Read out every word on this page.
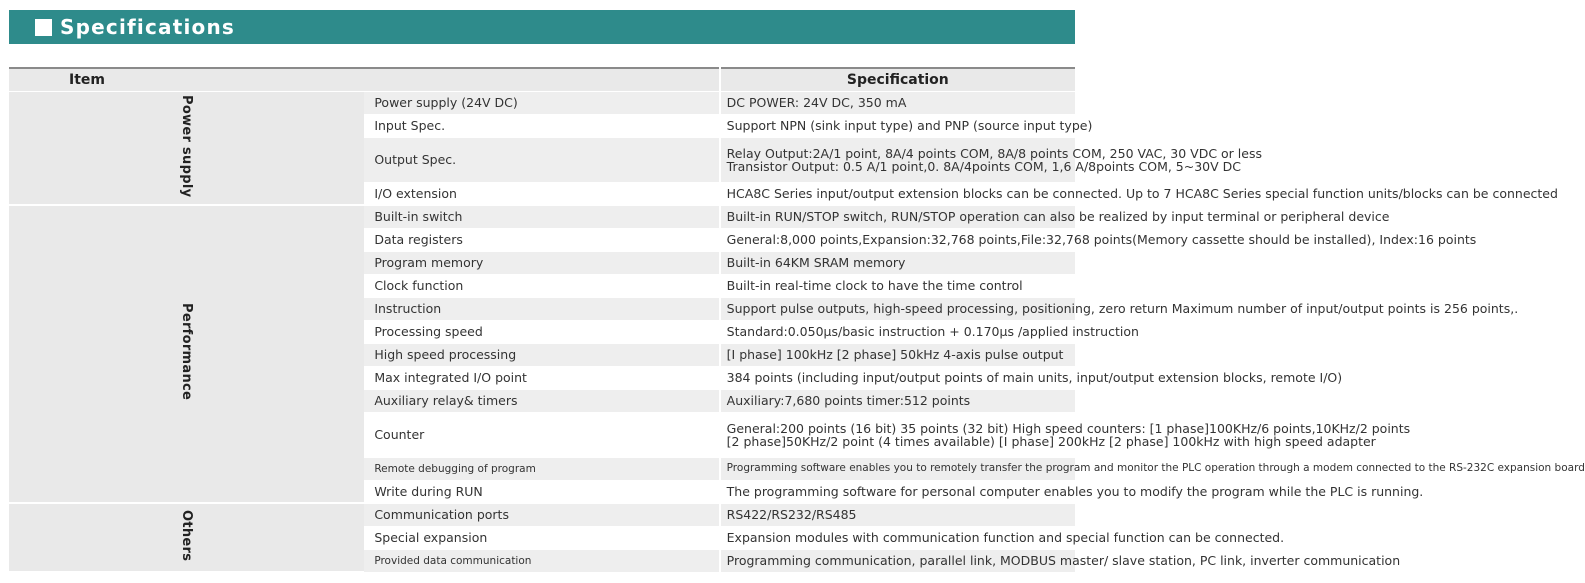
Specifications
Item		Specification
Power supply	Power supply (24V DC)	DC POWER: 24V DC, 350 mA

	Input Spec.	Support NPN (sink input type) and PNP (source input type)

	Output Spec.	Relay Output:2A/1 point, 8A/4 points COM, 8A/8 points COM, 250 VAC, 30 VDC or less
Transistor Output: 0.5 A/1 point,0. 8A/4points COM, 1,6 A/8points COM, 5~30V DC

	I/O extension	HCA8C Series input/output extension blocks can be connected. Up to 7 HCA8C Series special function units/blocks can be connected

Performance	Built-in switch	Built-in RUN/STOP switch, RUN/STOP operation can also be realized by input terminal or peripheral device

	Data registers	General:8,000 points,Expansion:32,768 points,File:32,768 points(Memory cassette should be installed), Index:16 points

	Program memory	Built-in 64KM SRAM memory

	Clock function	Built-in real-time clock to have the time control

	Instruction	Support pulse outputs, high-speed processing, positioning, zero return Maximum number of input/output points is 256 points,.

	Processing speed	Standard:0.050μs/basic instruction + 0.170μs /applied instruction

	High speed processing	[I phase] 100kHz [2 phase] 50kHz 4-axis pulse output

	Max integrated I/O point	384 points (including input/output points of main units, input/output extension blocks, remote I/O)

	Auxiliary relay& timers	Auxiliary:7,680 points timer:512 points

	Counter	General:200 points (16 bit) 35 points (32 bit) High speed counters: [1 phase]100KHz/6 points,10KHz/2 points
[2 phase]50KHz/2 point (4 times available) [I phase] 200kHz [2 phase] 100kHz with high speed adapter

	Remote debugging of program	Programming software enables you to remotely transfer the program and monitor the PLC operation through a modem connected to the RS-232C expansion board

	Write during RUN	The programming software for personal computer enables you to modify the program while the PLC is running.

Others	Communication ports	RS422/RS232/RS485

	Special expansion	Expansion modules with communication function and special function can be connected.

	Provided data communication	Programming communication, parallel link, MODBUS master/ slave station, PC link, inverter communication
